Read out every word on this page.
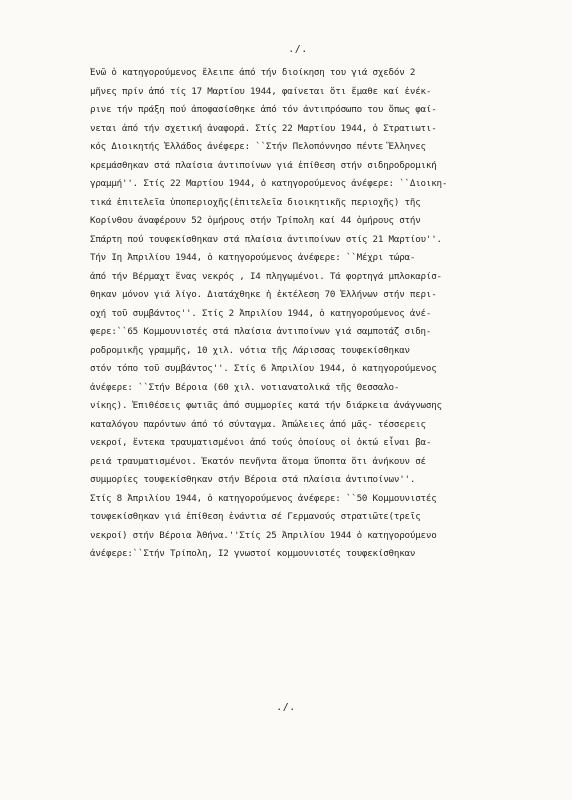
./.
Ἐνῶ ὁ κατηγορούμενος ἔλειπε ἀπό τήν διοίκηση του γιά σχεδόν 2
μῆνες πρίν ἀπό τίς 17 Μαρτίου 1944, φαίνεται ὅτι ἔμαθε καί ἐνέκ-
ρινε τήν πράξη πού ἀποφασίσθηκε ἀπό τόν ἀντιπρόσωπο του ὅπως φαί-
νεται ἀπό τήν σχετική ἀναφορά. Στίς 22 Μαρτίου 1944, ὁ Στρατιωτι-
κός Διοικητής Ἑλλάδος ἀνέφερε: ``Στήν Πελοπόννησο πέντε Ἕλληνες
κρεμάσθηκαν στά πλαίσια ἀντιποίνων γιά ἐπίθεση στήν σιδηροδρομική
γραμμή''. Στίς 22 Μαρτίου 1944, ὁ κατηγορούμενος ἀνέφερε: ``Διοικη-
τικά ἐπιτελεῖα ὑποπεριοχῆς(ἐπιτελεῖα διοικητικῆς περιοχῆς) τῆς
Κορίνθου ἀναφέρουν 52 ὁμήρους στήν Τρίπολη καί 44 ὁμήρους στήν
Σπάρτη πού τουφεκίσθηκαν στά πλαίσια ἀντιποίνων στίς 21 Μαρτίου''.
Τήν Ιη Ἀπριλίου 1944, ὁ κατηγορούμενος ἀνέφερε: ``Μέχρι τώρα-
ἀπό τήν Βέρμαχτ ἕνας νεκρός , Ι4 πληγωμένοι. Τά φορτηγά μπλοκαρίσ-
θηκαν μόνον γιά λίγο. Διατάχθηκε ἡ ἐκτέλεση 70 Ἑλλήνων στήν περι-
οχή τοῦ συμβάντος''. Στίς 2 Ἀπριλίου 1944, ὁ κατηγορούμενος ἀνέ-
φερε:``65 Κομμουνιστές στά πλαίσια ἀντιποίνων γιά σαμποτάζ σιδη-
ροδρομικῆς γραμμῆς, 10 χιλ. νότια τῆς Λάρισσας τουφεκίσθηκαν
στόν τόπο τοῦ συμβάντος''. Στίς 6 Ἀπριλίου 1944, ὁ κατηγορούμενος
ἀνέφερε: ``Στήν Βέροια (60 χιλ. νοτιανατολικά τῆς Θεσσαλο-
νίκης). Ἐπιθέσεις φωτιᾶς ἀπό συμμορίες κατά τήν διάρκεια ἀνάγνωσης
καταλόγου παρόντων ἀπό τό σύνταγμα. Ἀπώλειες ἀπό μᾶς- τέσσερεις
νεκροί, ἕντεκα τραυματισμένοι ἀπό τούς ὁποίους οἱ ὀκτώ εἶναι βα-
ρειά τραυματισμένοι. Ἑκατόν πενῆντα ἄτομα ὕποπτα ὅτι ἀνήκουν σέ
συμμορίες τουφεκίσθηκαν στήν Βέροια στά πλαίσια ἀντιποίνων''.
Στίς 8 Ἀπριλίου 1944, ὁ κατηγορούμενος ἀνέφερε: ``50 Κομμουνιστές
τουφεκίσθηκαν γιά ἐπίθεση ἐνάντια σέ Γερμανούς στρατιῶτε(τρεῖς
νεκροί) στήν Βέροια Ἀθήνα.''Στίς 25 Ἀπριλίου 1944 ὁ κατηγορούμενο
ἀνέφερε:``Στήν Τρίπολη, Ι2 γνωστοί κομμουνιστές τουφεκίσθηκαν
./.
